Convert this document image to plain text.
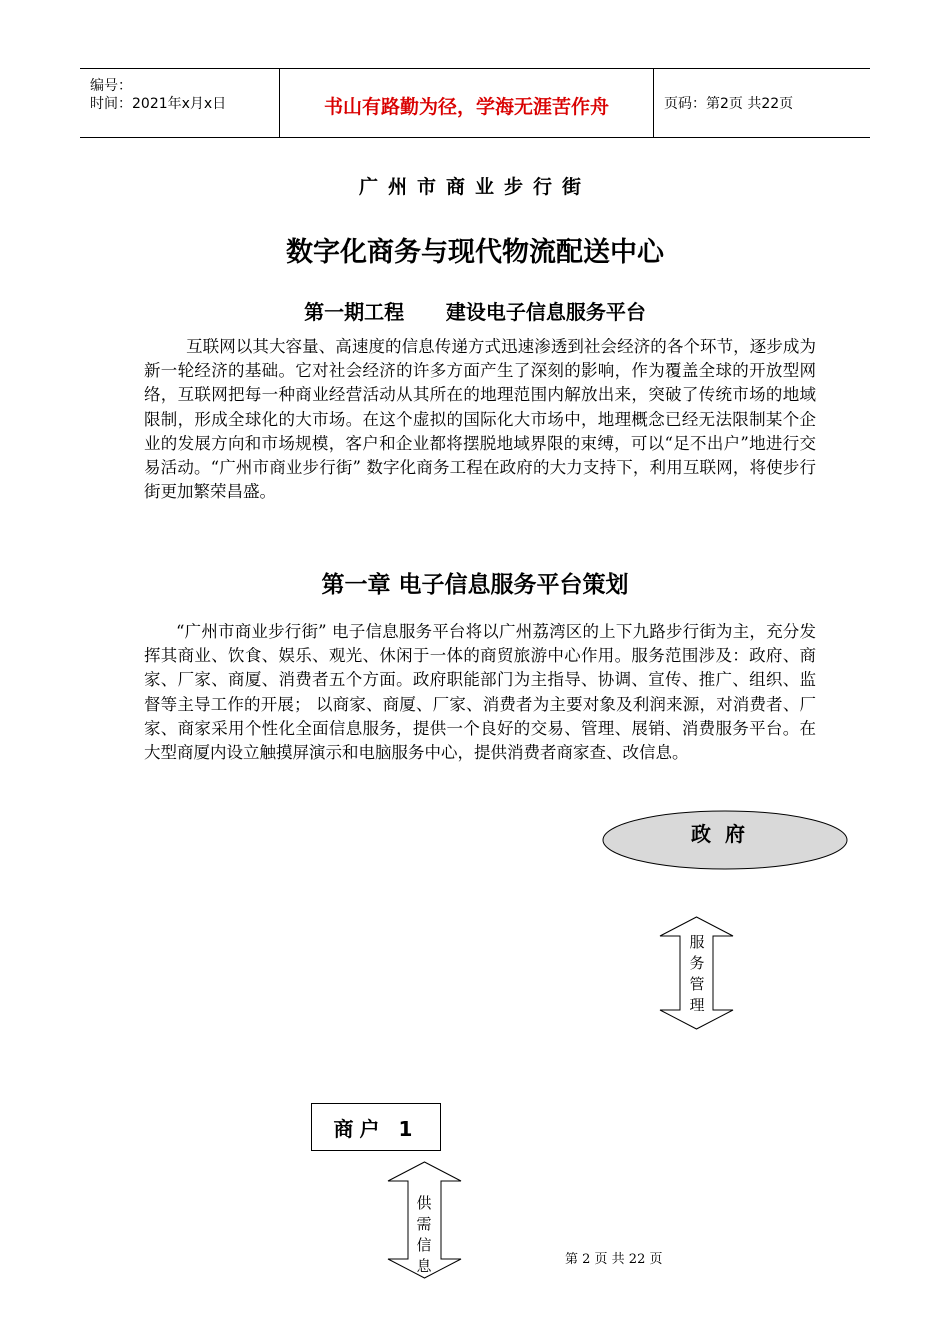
编号：
时间：2021年x月x日	书山有路勤为径，学海无涯苦作舟	页码：第2页 共22页
广州市商业步行街
数字化商务与现代物流配送中心
第一期工程      建设电子信息服务平台
互联网以其大容量、高速度的信息传递方式迅速渗透到社会经济的各个环节，逐步成为新一轮经济的基础。它对社会经济的许多方面产生了深刻的影响，作为覆盖全球的开放型网络，互联网把每一种商业经营活动从其所在的地理范围内解放出来，突破了传统市场的地域限制，形成全球化的大市场。在这个虚拟的国际化大市场中，地理概念已经无法限制某个企业的发展方向和市场规模，客户和企业都将摆脱地域界限的束缚，可以“足不出户”地进行交易活动。“广州市商业步行街” 数字化商务工程在政府的大力支持下，利用互联网，将使步行街更加繁荣昌盛。
第一章 电子信息服务平台策划
“广州市商业步行街” 电子信息服务平台将以广州荔湾区的上下九路步行街为主，充分发挥其商业、饮食、娱乐、观光、休闲于一体的商贸旅游中心作用。服务范围涉及：政府、商家、厂家、商厦、消费者五个方面。政府职能部门为主指导、协调、宣传、推广、组织、监督等主导工作的开展； 以商家、商厦、厂家、消费者为主要对象及利润来源，对消费者、厂家、商家采用个性化全面信息服务，提供一个良好的交易、管理、展销、消费服务平台。在大型商厦内设立触摸屏演示和电脑服务中心，提供消费者商家查、改信息。
政府
服
务
管
理
商户 1
供
需
信
息	第 2 页 共 22 页
